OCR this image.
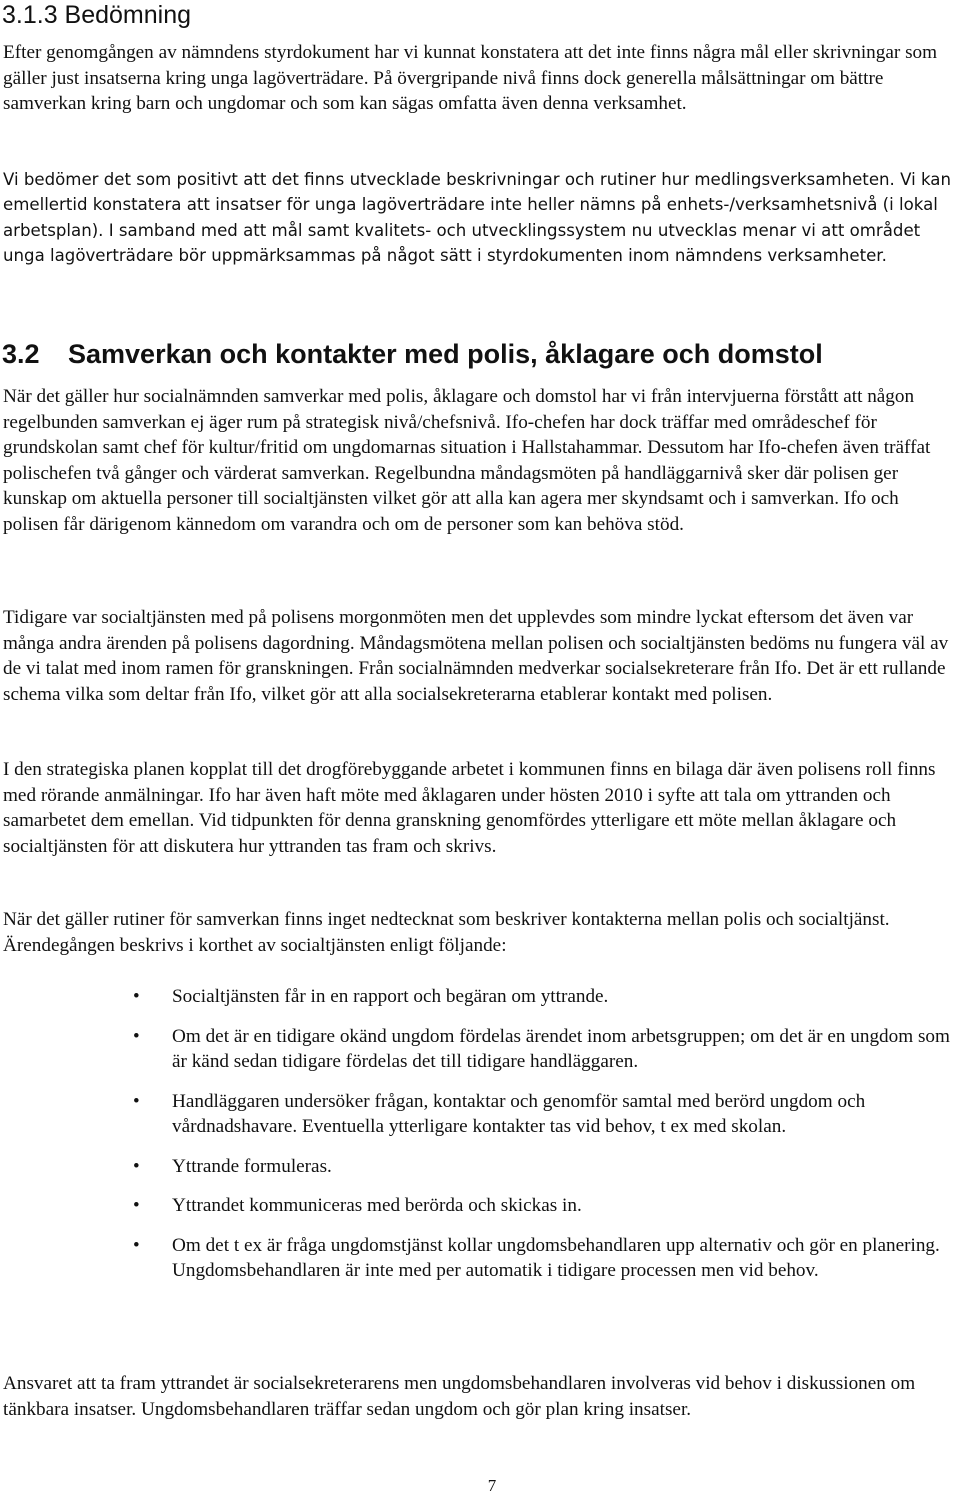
3.1.3 Bedömning

Efter genomgången av nämndens styrdokument har vi kunnat konstatera att det inte finns några mål eller skrivningar som gäller just insatserna kring unga lagöverträdare. På övergripande nivå finns dock generella målsättningar om bättre samverkan kring barn och ungdomar och som kan sägas omfatta även denna verksamhet.

Vi bedömer det som positivt att det finns utvecklade beskrivningar och rutiner hur medlingsverksamheten. Vi kan emellertid konstatera att insatser för unga lagöverträdare inte heller nämns på enhets-/verksamhetsnivå (i lokal arbetsplan). I samband med att mål samt kvalitets- och utvecklingssystem nu utvecklas menar vi att området unga lagöverträdare bör uppmärksammas på något sätt i styrdokumenten inom nämndens verksamheter.

3.2 Samverkan och kontakter med polis, åklagare och domstol

När det gäller hur socialnämnden samverkar med polis, åklagare och domstol har vi från intervjuerna förstått att någon regelbunden samverkan ej äger rum på strategisk nivå/chefsnivå. Ifo-chefen har dock träffar med områdeschef för grundskolan samt chef för kultur/fritid om ungdomarnas situation i Hallstahammar. Dessutom har Ifo-chefen även träffat polischefen två gånger och värderat samverkan. Regelbundna måndagsmöten på handläggarnivå sker där polisen ger kunskap om aktuella personer till socialtjänsten vilket gör att alla kan agera mer skyndsamt och i samverkan. Ifo och polisen får därigenom kännedom om varandra och om de personer som kan behöva stöd.

Tidigare var socialtjänsten med på polisens morgonmöten men det upplevdes som mindre lyckat eftersom det även var många andra ärenden på polisens dagordning. Måndagsmötena mellan polisen och socialtjänsten bedöms nu fungera väl av de vi talat med inom ramen för granskningen. Från socialnämnden medverkar socialsekreterare från Ifo. Det är ett rullande schema vilka som deltar från Ifo, vilket gör att alla socialsekreterarna etablerar kontakt med polisen.

I den strategiska planen kopplat till det drogförebyggande arbetet i kommunen finns en bilaga där även polisens roll finns med rörande anmälningar. Ifo har även haft möte med åklagaren under hösten 2010 i syfte att tala om yttranden och samarbetet dem emellan. Vid tidpunkten för denna granskning genomfördes ytterligare ett möte mellan åklagare och socialtjänsten för att diskutera hur yttranden tas fram och skrivs.

När det gäller rutiner för samverkan finns inget nedtecknat som beskriver kontakterna mellan polis och socialtjänst. Ärendegången beskrivs i korthet av socialtjänsten enligt följande:

• Socialtjänsten får in en rapport och begäran om yttrande.
• Om det är en tidigare okänd ungdom fördelas ärendet inom arbetsgruppen; om det är en ungdom som är känd sedan tidigare fördelas det till tidigare handläggaren.
• Handläggaren undersöker frågan, kontaktar och genomför samtal med berörd ungdom och vårdnadshavare. Eventuella ytterligare kontakter tas vid behov, t ex med skolan.
• Yttrande formuleras.
• Yttrandet kommuniceras med berörda och skickas in.
• Om det t ex är fråga ungdomstjänst kollar ungdomsbehandlaren upp alternativ och gör en planering. Ungdomsbehandlaren är inte med per automatik i tidigare processen men vid behov.

Ansvaret att ta fram yttrandet är socialsekreterarens men ungdomsbehandlaren involveras vid behov i diskussionen om tänkbara insatser. Ungdomsbehandlaren träffar sedan ungdom och gör plan kring insatser.

7
